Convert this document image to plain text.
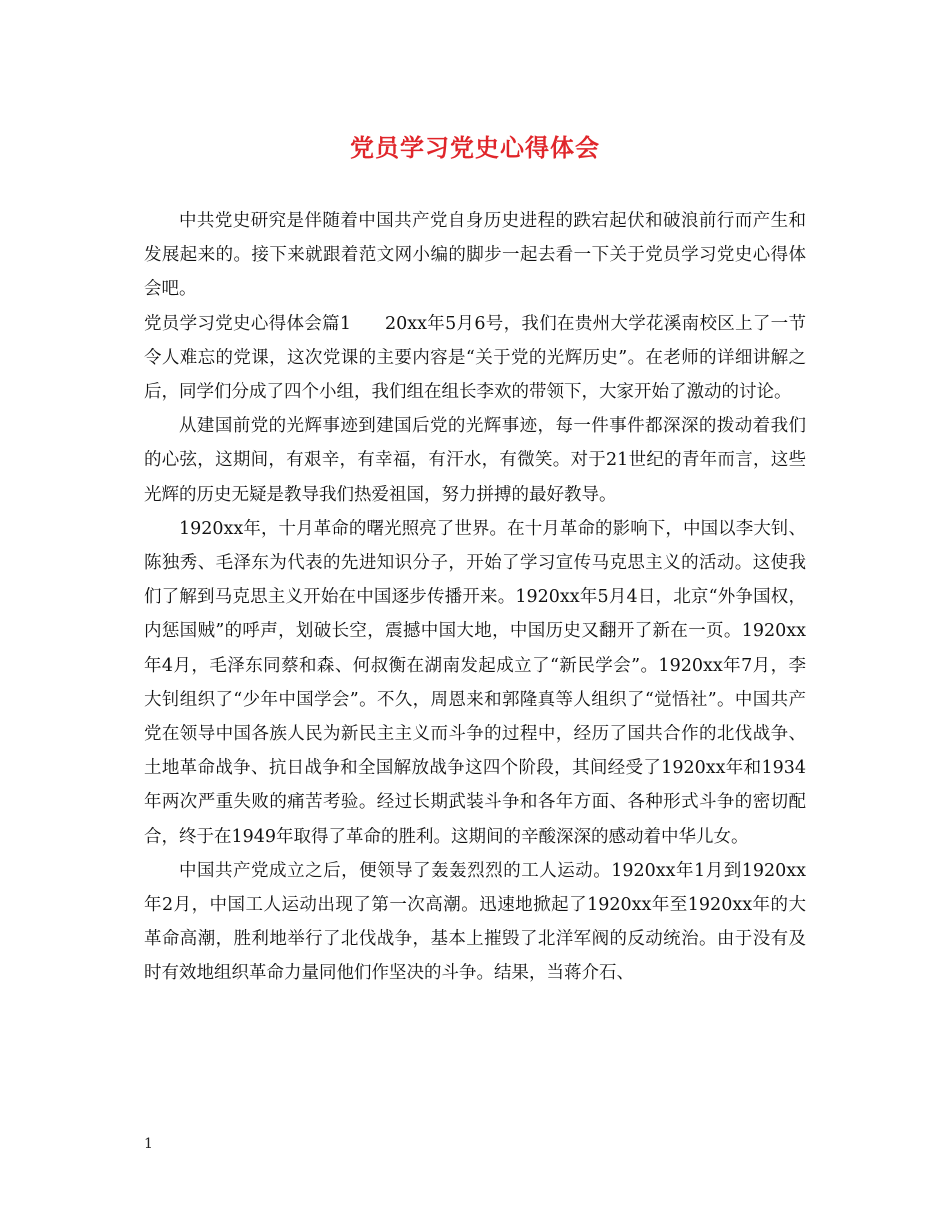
党员学习党史心得体会

中共党史研究是伴随着中国共产党自身历史进程的跌宕起伏和破浪前行而产生和发展起来的。接下来就跟着范文网小编的脚步一起去看一下关于党员学习党史心得体会吧。

党员学习党史心得体会篇1 20xx年5月6号，我们在贵州大学花溪南校区上了一节令人难忘的党课，这次党课的主要内容是“关于党的光辉历史”。在老师的详细讲解之后，同学们分成了四个小组，我们组在组长李欢的带领下，大家开始了激动的讨论。

从建国前党的光辉事迹到建国后党的光辉事迹，每一件事件都深深的拨动着我们的心弦，这期间，有艰辛，有幸福，有汗水，有微笑。对于21世纪的青年而言，这些光辉的历史无疑是教导我们热爱祖国，努力拼搏的最好教导。

1920xx年，十月革命的曙光照亮了世界。在十月革命的影响下，中国以李大钊、陈独秀、毛泽东为代表的先进知识分子，开始了学习宣传马克思主义的活动。这使我们了解到马克思主义开始在中国逐步传播开来。1920xx年5月4日，北京“外争国权，内惩国贼”的呼声，划破长空，震撼中国大地，中国历史又翻开了新在一页。1920xx年4月，毛泽东同蔡和森、何叔衡在湖南发起成立了“新民学会”。1920xx年7月，李大钊组织了“少年中国学会”。不久，周恩来和郭隆真等人组织了“觉悟社”。中国共产党在领导中国各族人民为新民主主义而斗争的过程中，经历了国共合作的北伐战争、土地革命战争、抗日战争和全国解放战争这四个阶段，其间经受了1920xx年和1934年两次严重失败的痛苦考验。经过长期武装斗争和各年方面、各种形式斗争的密切配合，终于在1949年取得了革命的胜利。这期间的辛酸深深的感动着中华儿女。

中国共产党成立之后，便领导了轰轰烈烈的工人运动。1920xx年1月到1920xx年2月，中国工人运动出现了第一次高潮。迅速地掀起了1920xx年至1920xx年的大革命高潮，胜利地举行了北伐战争，基本上摧毁了北洋军阀的反动统治。由于没有及时有效地组织革命力量同他们作坚决的斗争。结果，当蒋介石、

1
